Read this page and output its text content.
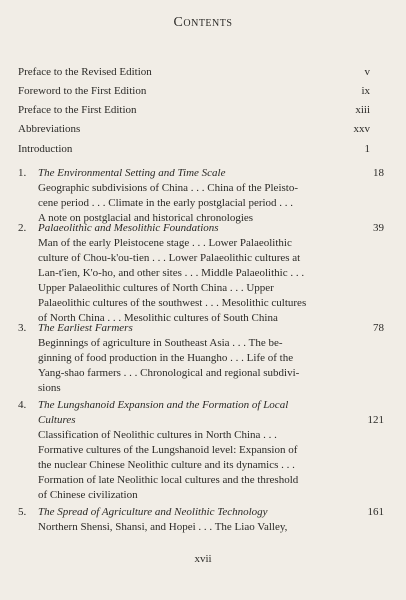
Contents
Preface to the Revised Edition	v
Foreword to the First Edition	ix
Preface to the First Edition	xiii
Abbreviations	xxv
Introduction	1
1. The Environmental Setting and Time Scale	18
Geographic subdivisions of China . . . China of the Pleisto-
cene period . . . Climate in the early postglacial period . . .
A note on postglacial and historical chronologies
2. Palaeolithic and Mesolithic Foundations	39
Man of the early Pleistocene stage . . . Lower Palaeolithic
culture of Chou-k'ou-tien . . . Lower Palaeolithic cultures at
Lan-t'ien, K'o-ho, and other sites . . . Middle Palaeolithic . . .
Upper Palaeolithic cultures of North China . . . Upper
Palaeolithic cultures of the southwest . . . Mesolithic cultures
of North China . . . Mesolithic cultures of South China
3. The Earliest Farmers	78
Beginnings of agriculture in Southeast Asia . . . The be-
ginning of food production in the Huangho . . . Life of the
Yang-shao farmers . . . Chronological and regional subdivi-
sions
4. The Lungshanoid Expansion and the Formation of Local
Cultures	121
Classification of Neolithic cultures in North China . . .
Formative cultures of the Lungshanoid level: Expansion of
the nuclear Chinese Neolithic culture and its dynamics . . .
Formation of late Neolithic local cultures and the threshold
of Chinese civilization
5. The Spread of Agriculture and Neolithic Technology	161
Northern Shensi, Shansi, and Hopei . . . The Liao Valley,
xvii
